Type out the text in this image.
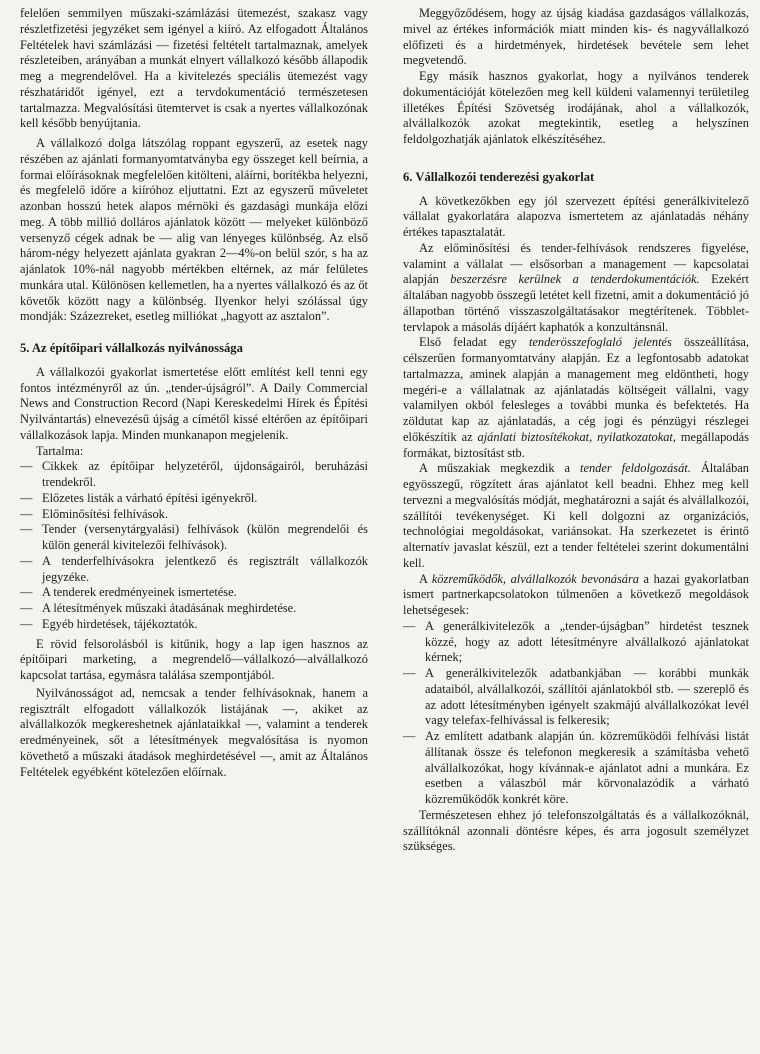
felelően semmilyen műszaki-számlázási ütemezést, szakasz vagy részletfizetési jegyzéket sem igényel a kiíró. Az elfogadott Általános Feltételek havi számlázási — fizetési feltételt tartalmaznak, amelyek részleteiben, arányában a munkát elnyert vállalkozó később állapodik meg a megrendelővel. Ha a kivitelezés speciális ütemezést vagy részhatáridőt igényel, ezt a tervdokumentáció természetesen tartalmazza. Megvalósítási ütemtervet is csak a nyertes vállalkozónak kell később benyújtania.

A vállalkozó dolga látszólag roppant egyszerű, az esetek nagy részében az ajánlati formanyomtatványba egy összeget kell beírnia, a formai előírásoknak megfelelően kitölteni, aláírni, borítékba helyezni, és megfelelő időre a kiíróhoz eljuttatni. Ezt az egyszerű műveletet azonban hosszú hetek alapos mérnöki és gazdasági munkája előzi meg. A több millió dolláros ajánlatok között — melyeket különböző versenyző cégek adnak be — alig van lényeges különbség. Az első három-négy helyezett ajánlata gyakran 2—4%-on belül szór, s ha az ajánlatok 10%-nál nagyobb mértékben eltérnek, az már felületes munkára utal. Különösen kellemetlen, ha a nyertes vállalkozó és az őt követők között nagy a különbség. Ilyenkor helyi szólással úgy mondják: Százezreket, esetleg milliókat „hagyott az asztalon”.

5. Az építőipari vállalkozás nyilvánossága

A vállalkozói gyakorlat ismertetése előtt említést kell tenni egy fontos intézményről az ún. „tender-újságról”. A Daily Commercial News and Construction Record (Napi Kereskedelmi Hírek és Építési Nyilvántartás) elnevezésű újság a címétől kissé eltérően az építőipari vállalkozások lapja. Minden munkanapon megjelenik.

Tartalma:

— Cikkek az építőipar helyzetéről, újdonságairól, beruházási trendekről.
— Előzetes listák a várható építési igényekről.
— Előminősítési felhívások.
— Tender (versenytárgyalási) felhívások (külön megrendelői és külön generál kivitelezői felhívások).
— A tenderfelhívásokra jelentkező és regisztrált vállalkozók jegyzéke.
— A tenderek eredményeinek ismertetése.
— A létesítmények műszaki átadásának meghirdetése.
— Egyéb hirdetések, tájékoztatók.

E rövid felsorolásból is kitűnik, hogy a lap igen hasznos az építőipari marketing, a megrendelő—vállalkozó—alvállalkozó kapcsolat tartása, egymásra találása szempontjából.

Nyilvánosságot ad, nemcsak a tender felhívásoknak, hanem a regisztrált elfogadott vállalkozók listájának —, akiket az alvállalkozók megkereshetnek ajánlataikkal —, valamint a tenderek eredményeinek, sőt a létesítmények megvalósítása is nyomon követhető a műszaki átadások meghirdetésével —, amit az Általános Feltételek egyébként kötelezően előírnak.

Meggyőződésem, hogy az újság kiadása gazdaságos vállalkozás, mivel az értékes információk miatt minden kis- és nagyvállalkozó előfizeti és a hirdetmények, hirdetések bevétele sem lehet megvetendő.

Egy másik hasznos gyakorlat, hogy a nyilvános tenderek dokumentációját kötelezően meg kell küldeni valamennyi területileg illetékes Építési Szövetség irodájának, ahol a vállalkozók, alvállalkozók azokat megtekintik, esetleg a helyszínen feldolgozhatják ajánlatok elkészítéséhez.

6. Vállalkozói tenderezési gyakorlat

A következőkben egy jól szervezett építési generálkivitelező vállalat gyakorlatára alapozva ismertetem az ajánlatadás néhány értékes tapasztalatát.

Az előminősítési és tender-felhívások rendszeres figyelése, valamint a vállalat — elsősorban a management — kapcsolatai alapján beszerzésre kerülnek a tenderdokumentációk. Ezekért általában nagyobb összegű letétet kell fizetni, amit a dokumentáció jó állapotban történő visszaszolgáltatásakor megtérítenek. Többlet-tervlapok a másolás díjáért kaphatók a konzultánsnál.

Első feladat egy tenderösszefoglaló jelentés összeállítása, célszerűen formanyomtatvány alapján. Ez a legfontosabb adatokat tartalmazza, aminek alapján a management meg eldöntheti, hogy megéri-e a vállalatnak az ajánlatadás költségeit vállalni, vagy valamilyen okból felesleges a további munka és befektetés. Ha zöldutat kap az ajánlatadás, a cég jogi és pénzügyi részlegei előkészítik az ajánlati biztosítékokat, nyilatkozatokat, megállapodás formákat, biztosítást stb.

A műszakiak megkezdik a tender feldolgozását. Általában egyösszegű, rögzített áras ajánlatot kell beadni. Ehhez meg kell tervezni a megvalósítás módját, meghatározni a saját és alvállalkozói, szállítói tevékenységet. Ki kell dolgozni az organizációs, technológiai megoldásokat, variánsokat. Ha szerkezetet is érintő alternatív javaslat készül, ezt a tender feltételei szerint dokumentálni kell.

A közreműködők, alvállalkozók bevonására a hazai gyakorlatban ismert partnerkapcsolatokon túlmenően a következő megoldások lehetségesek:

— A generálkivitelezők a „tender-újságban” hirdetést tesznek közzé, hogy az adott létesítményre alvállalkozó ajánlatokat kérnek;
— A generálkivitelezők adatbankjában — korábbi munkák adataiból, alvállalkozói, szállítói ajánlatokból stb. — szereplő és az adott létesítményben igényelt szakmájú alvállalkozókat levél vagy telefax-felhívással is felkeresik;
— Az említett adatbank alapján ún. közreműködői felhívási listát állítanak össze és telefonon megkeresik a számításba vehető alvállalkozókat, hogy kívánnak-e ajánlatot adni a munkára. Ez esetben a válaszból már körvonalazódik a várható közreműködők konkrét köre.

Természetesen ehhez jó telefonszolgáltatás és a vállalkozóknál, szállítóknál azonnali döntésre képes, és arra jogosult személyzet szükséges.
